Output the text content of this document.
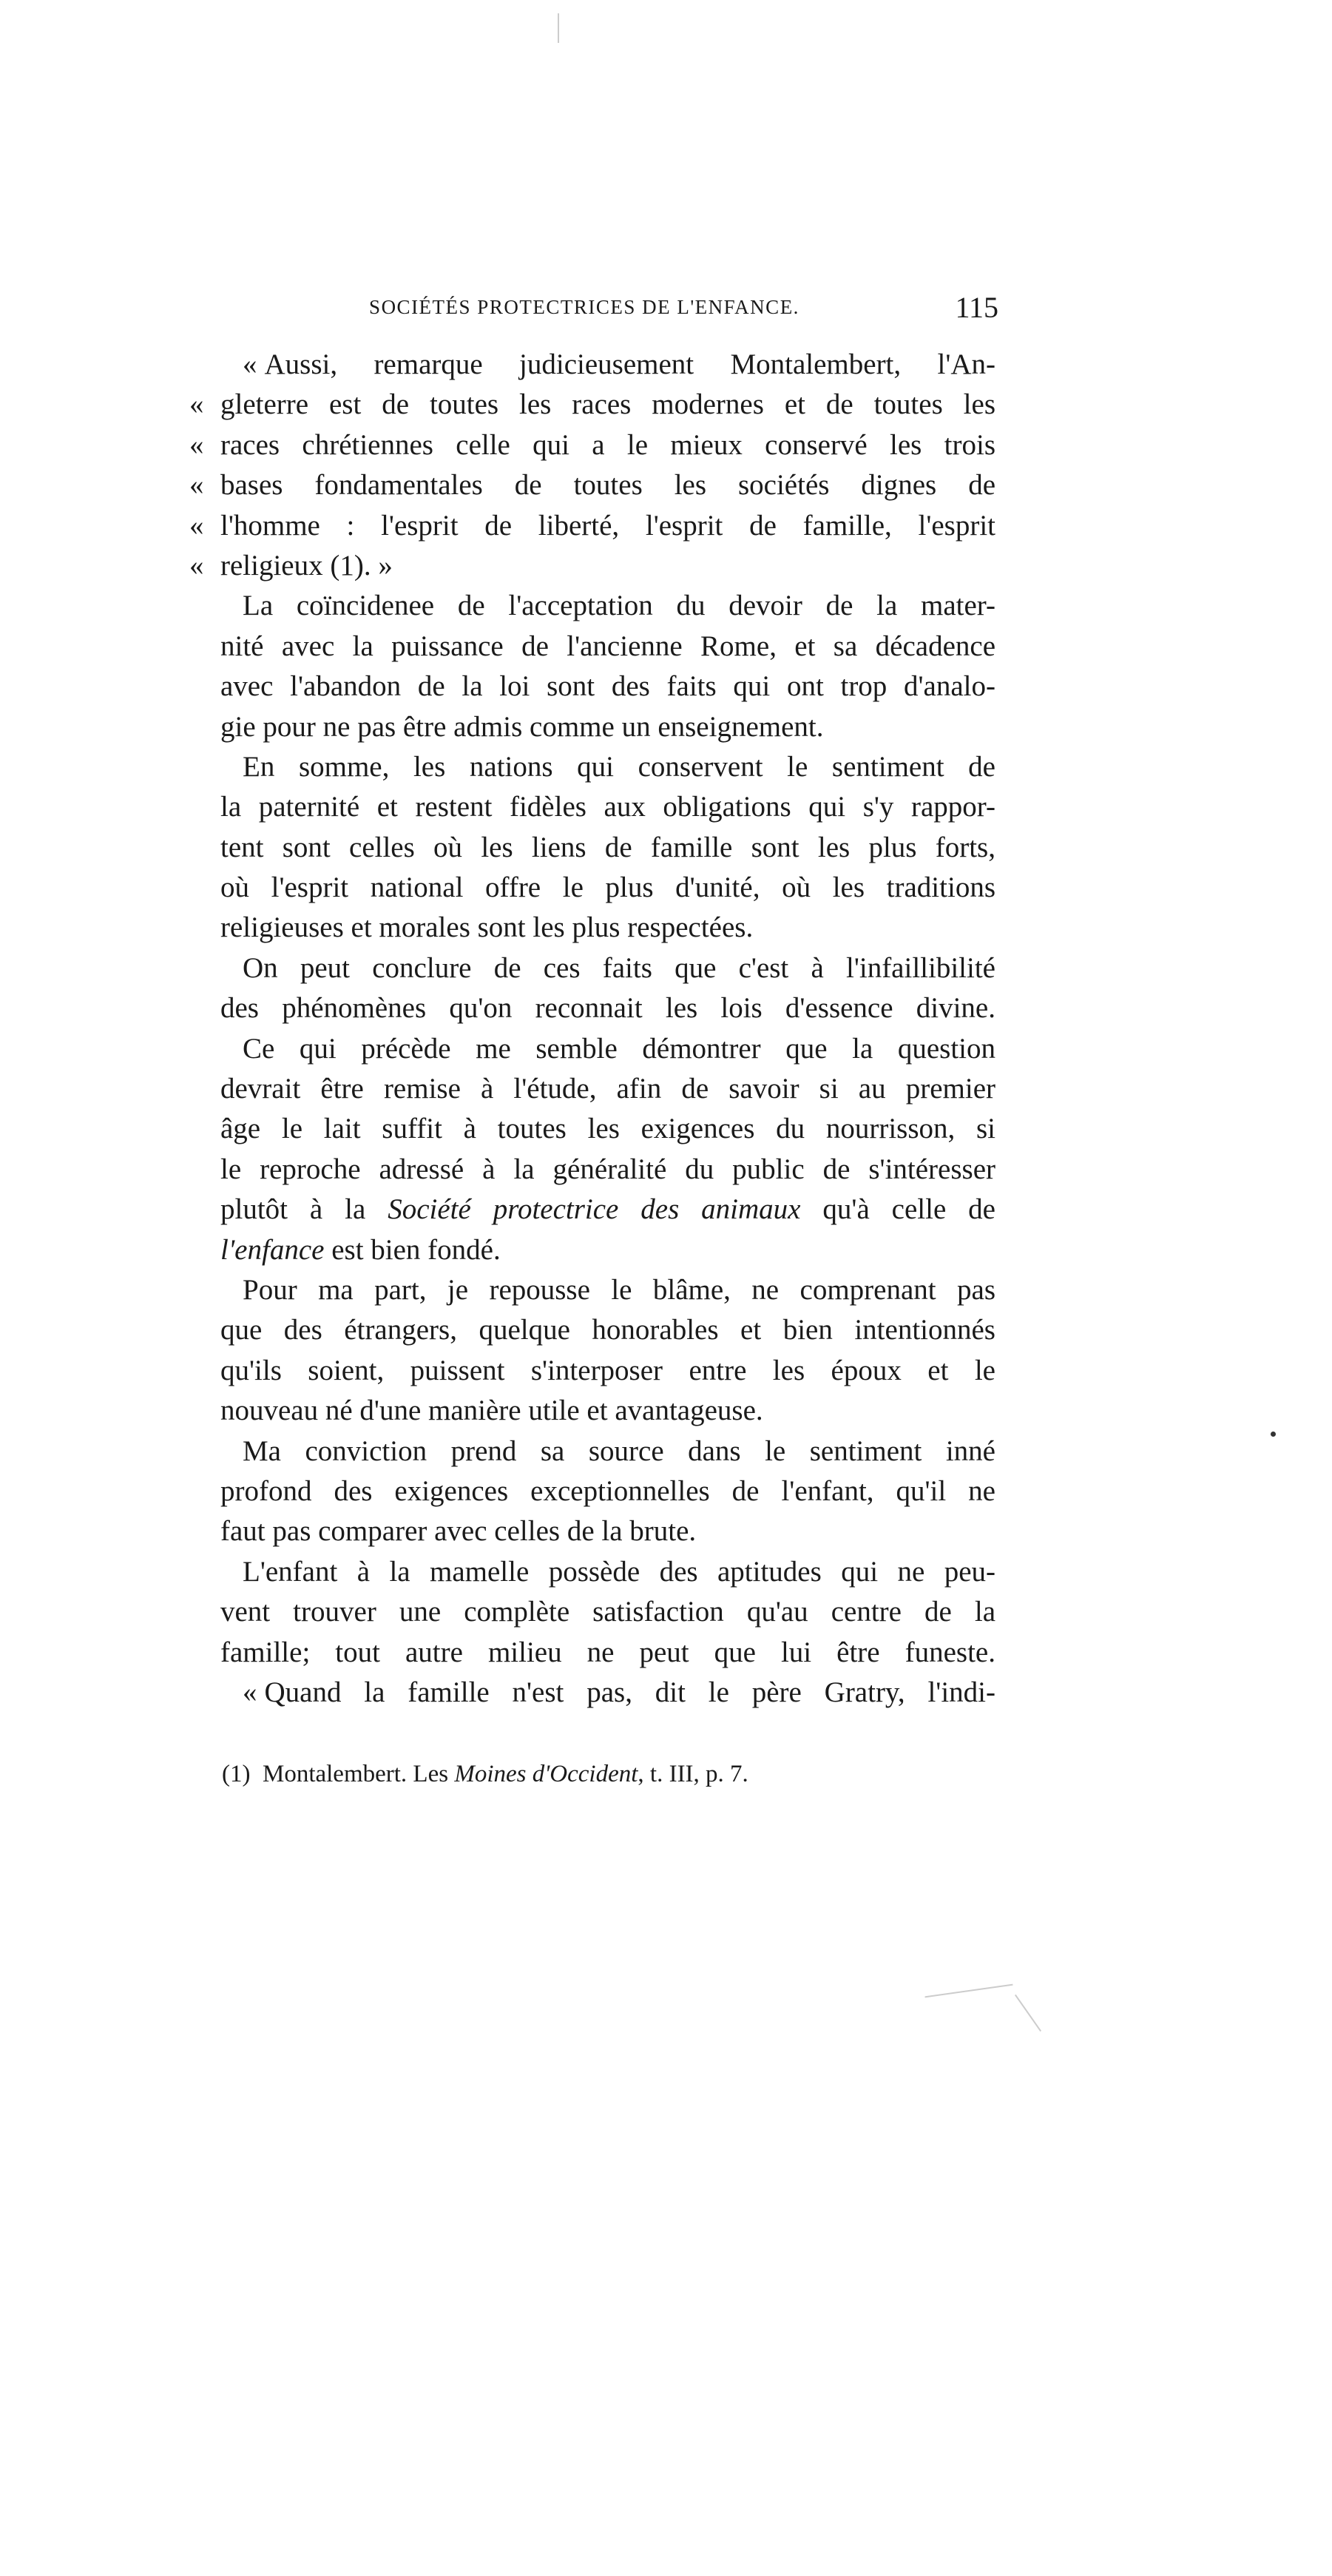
SOCIÉTÉS PROTECTRICES DE L'ENFANCE.	115
« Aussi, remarque judicieusement Montalembert, l'An-
« gleterre est de toutes les races modernes et de toutes les
« races chrétiennes celle qui a le mieux conservé les trois
« bases fondamentales de toutes les sociétés dignes de
« l'homme : l'esprit de liberté, l'esprit de famille, l'esprit
« religieux (1). »
La coïncidenee de l'acceptation du devoir de la mater-
nité avec la puissance de l'ancienne Rome, et sa décadence
avec l'abandon de la loi sont des faits qui ont trop d'analo-
gie pour ne pas être admis comme un enseignement.
En somme, les nations qui conservent le sentiment de
la paternité et restent fidèles aux obligations qui s'y rappor-
tent sont celles où les liens de famille sont les plus forts,
où l'esprit national offre le plus d'unité, où les traditions
religieuses et morales sont les plus respectées.
On peut conclure de ces faits que c'est à l'infaillibilité
des phénomènes qu'on reconnait les lois d'essence divine.
Ce qui précède me semble démontrer que la question
devrait être remise à l'étude, afin de savoir si au premier
âge le lait suffit à toutes les exigences du nourrisson, si
le reproche adressé à la généralité du public de s'intéresser
plutôt à la Société protectrice des animaux qu'à celle de
l'enfance est bien fondé.
Pour ma part, je repousse le blâme, ne comprenant pas
que des étrangers, quelque honorables et bien intentionnés
qu'ils soient, puissent s'interposer entre les époux et le
nouveau né d'une manière utile et avantageuse.
Ma conviction prend sa source dans le sentiment inné
profond des exigences exceptionnelles de l'enfant, qu'il ne
faut pas comparer avec celles de la brute.
L'enfant à la mamelle possède des aptitudes qui ne peu-
vent trouver une complète satisfaction qu'au centre de la
famille; tout autre milieu ne peut que lui être funeste.
« Quand la famille n'est pas, dit le père Gratry, l'indi-
(1) Montalembert. Les Moines d'Occident, t. III, p. 7.
